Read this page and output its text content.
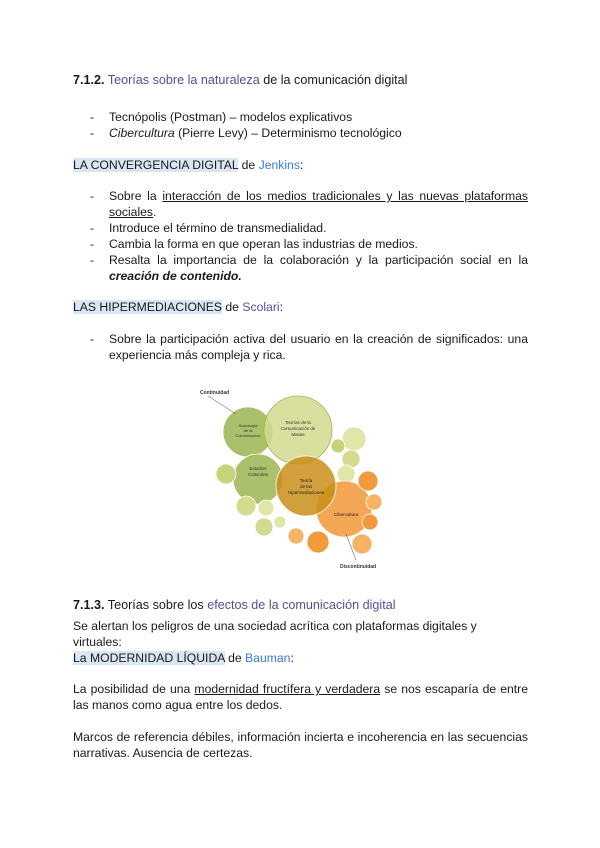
7.1.2. Teorías sobre la naturaleza de la comunicación digital
- Tecnópolis (Postman) – modelos explicativos
- Cibercultura (Pierre Levy) – Determinismo tecnológico
LA CONVERGENCIA DIGITAL de Jenkins:
- Sobre la interacción de los medios tradicionales y las nuevas plataformas sociales.
- Introduce el término de transmedialidad.
- Cambia la forma en que operan las industrias de medios.
- Resalta la importancia de la colaboración y la participación social en la creación de contenido.
LAS HIPERMEDIACIONES de Scolari:
- Sobre la participación activa del usuario en la creación de significados: una experiencia más compleja y rica.
Continuidad
Discontinuidad
Teorías de la
Comunicación de
Masas
Sociología
de la
Comunicación
Estudios
Culturales
Teoría
de las
Hipermediaciones
Cibercultura
7.1.3. Teorías sobre los efectos de la comunicación digital
Se alertan los peligros de una sociedad acrítica con plataformas digitales y virtuales:
La MODERNIDAD LÍQUIDA de Bauman:
La posibilidad de una modernidad fructífera y verdadera se nos escaparía de entre las manos como agua entre los dedos.
Marcos de referencia débiles, información incierta e incoherencia en las secuencias narrativas. Ausencia de certezas.
